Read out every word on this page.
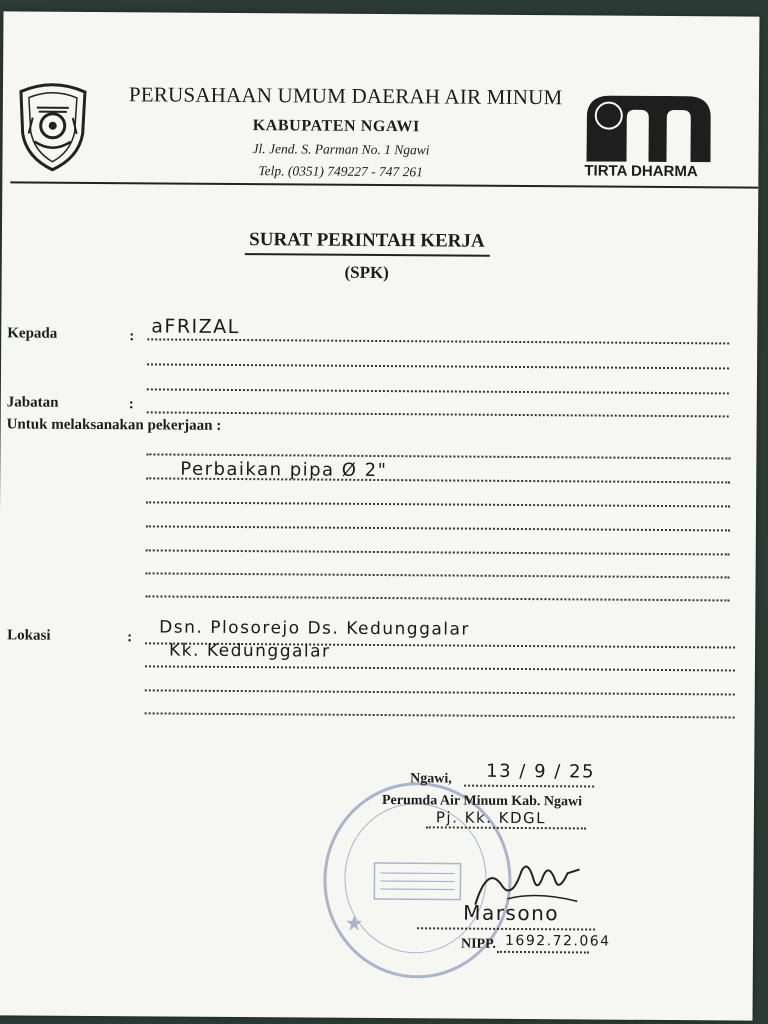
PERUSAHAAN UMUM DAERAH AIR MINUM
KABUPATEN NGAWI
Jl. Jend. S. Parman No. 1 Ngawi
Telp. (0351) 749227 - 747 261	TIRTA DHARMA
SURAT PERINTAH KERJA
(SPK)
Kepada	: aFRIZAL
Jabatan	:
Untuk melaksanakan pekerjaan :
Perbaikan pipa Ø 2"
Lokasi	: Dsn. Plosorejo Ds. Kedunggalar
Kk. Kedunggalar
Ngawi, 13 / 9 / 25
Perumda Air Minum Kab. Ngawi
Pj. Kk. KDGL
Marsono
NIPP. 1692.72.064
